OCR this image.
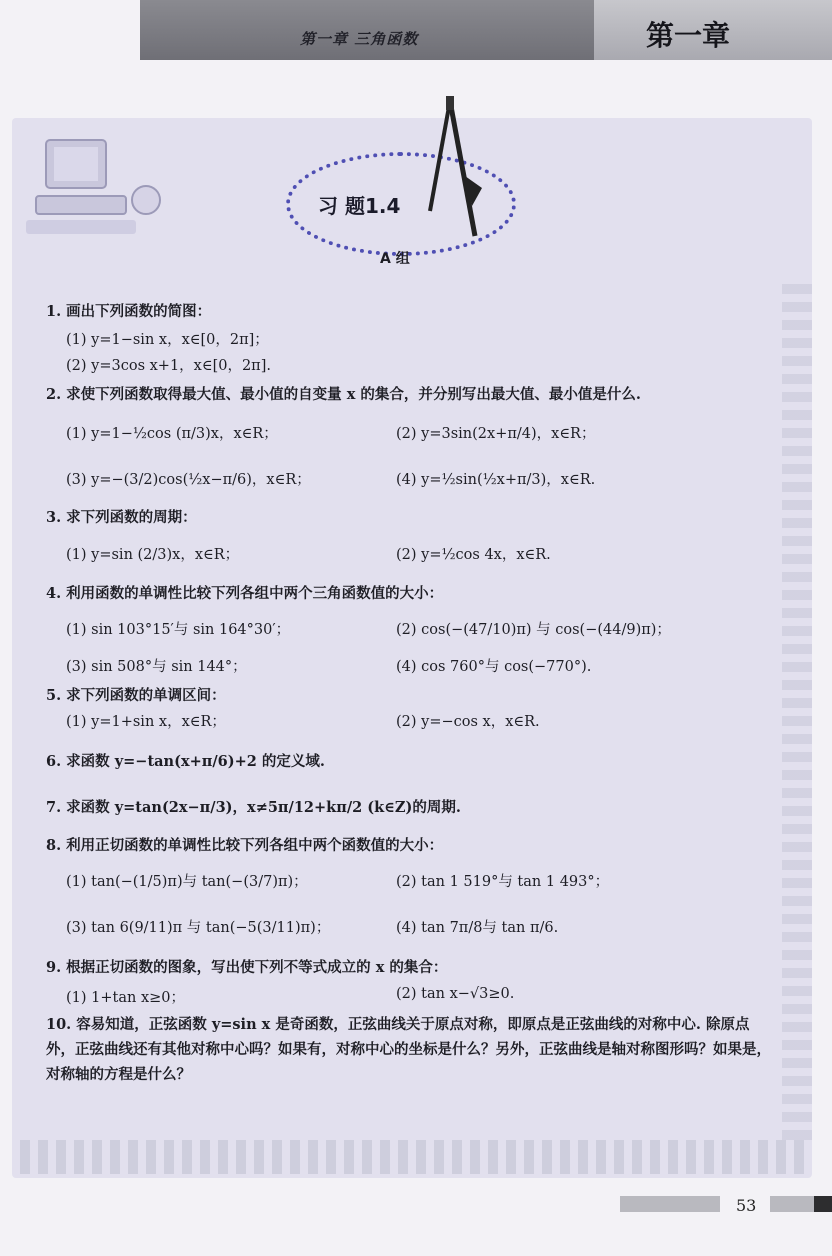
第一章 三角函数	第一章
习 题1.4
A 组
1. 画出下列函数的简图：
(1) y=1−sin x，x∈[0，2π]；
(2) y=3cos x+1，x∈[0，2π].
2. 求使下列函数取得最大值、最小值的自变量 x 的集合，并分别写出最大值、最小值是什么.
(1) y=1−½cos (π/3)x，x∈R；	(2) y=3sin(2x+π/4)，x∈R；
(3) y=−(3/2)cos(½x−π/6)，x∈R；	(4) y=½sin(½x+π/3)，x∈R.
3. 求下列函数的周期：
(1) y=sin (2/3)x，x∈R；	(2) y=½cos 4x，x∈R.
4. 利用函数的单调性比较下列各组中两个三角函数值的大小：
(1) sin 103°15′与 sin 164°30′；	(2) cos(−(47/10)π) 与 cos(−(44/9)π)；
(3) sin 508°与 sin 144°；	(4) cos 760°与 cos(−770°).
5. 求下列函数的单调区间：
(1) y=1+sin x，x∈R；	(2) y=−cos x，x∈R.
6. 求函数 y=−tan(x+π/6)+2 的定义域.
7. 求函数 y=tan(2x−π/3)，x≠5π/12+kπ/2 (k∈Z)的周期.
8. 利用正切函数的单调性比较下列各组中两个函数值的大小：
(1) tan(−(1/5)π)与 tan(−(3/7)π)；	(2) tan 1 519°与 tan 1 493°；
(3) tan 6(9/11)π 与 tan(−5(3/11)π)；	(4) tan 7π/8与 tan π/6.
9. 根据正切函数的图象，写出使下列不等式成立的 x 的集合：
(1) 1+tan x≥0；	(2) tan x−√3≥0.
10. 容易知道，正弦函数 y=sin x 是奇函数，正弦曲线关于原点对称，即原点是正弦曲线的对称中心. 除原点外，正弦曲线还有其他对称中心吗？如果有，对称中心的坐标是什么？另外，正弦曲线是轴对称图形吗？如果是，对称轴的方程是什么？
53
